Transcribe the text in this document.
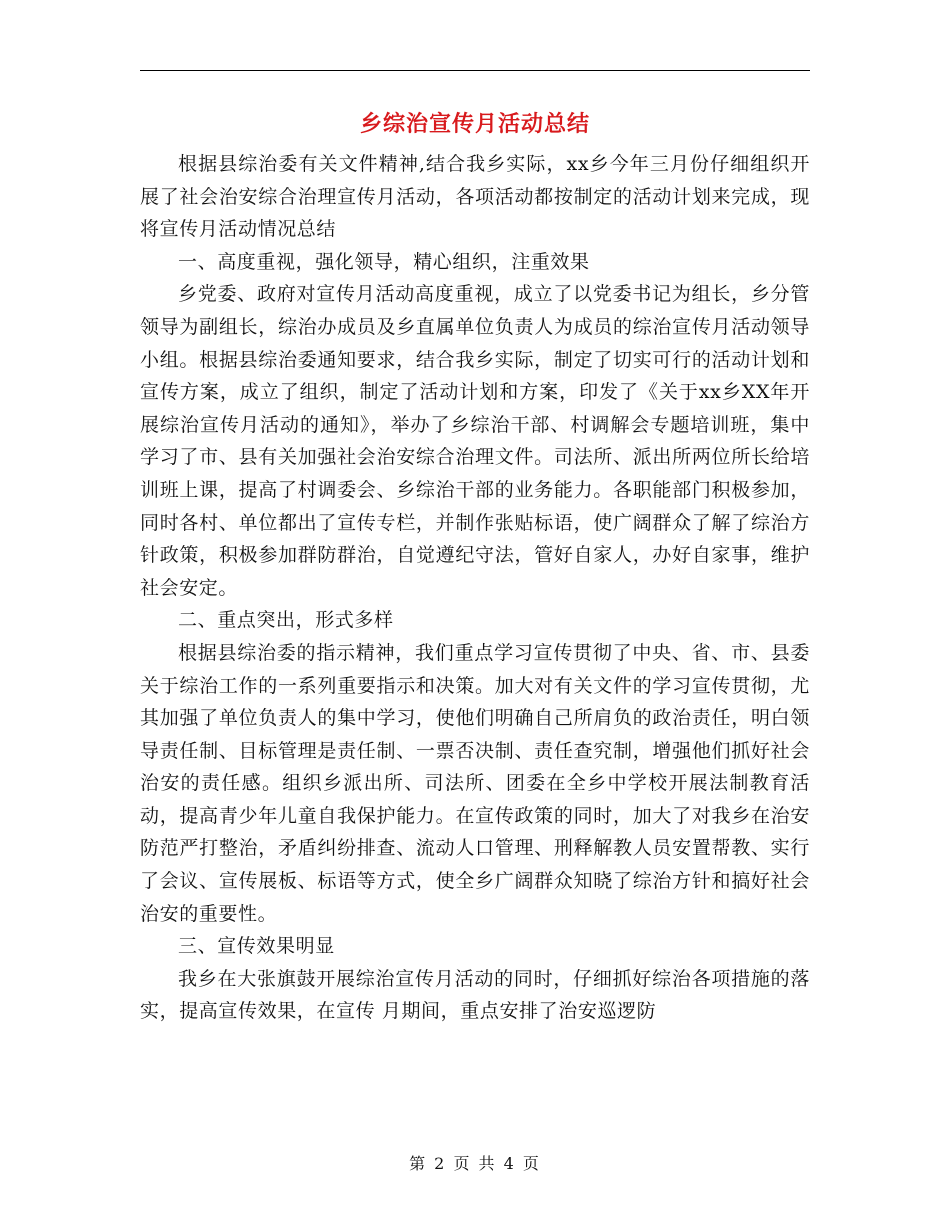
乡综治宣传月活动总结

根据县综治委有关文件精神,结合我乡实际，xx乡今年三月份仔细组织开展了社会治安综合治理宣传月活动，各项活动都按制定的活动计划来完成，现将宣传月活动情况总结

一、高度重视，强化领导，精心组织，注重效果

乡党委、政府对宣传月活动高度重视，成立了以党委书记为组长，乡分管领导为副组长，综治办成员及乡直属单位负责人为成员的综治宣传月活动领导小组。根据县综治委通知要求，结合我乡实际，制定了切实可行的活动计划和宣传方案，成立了组织，制定了活动计划和方案，印发了《关于xx乡XX年开展综治宣传月活动的通知》，举办了乡综治干部、村调解会专题培训班，集中学习了市、县有关加强社会治安综合治理文件。司法所、派出所两位所长给培训班上课，提高了村调委会、乡综治干部的业务能力。各职能部门积极参加，同时各村、单位都出了宣传专栏，并制作张贴标语，使广阔群众了解了综治方针政策，积极参加群防群治，自觉遵纪守法，管好自家人，办好自家事，维护社会安定。

二、重点突出，形式多样

根据县综治委的指示精神，我们重点学习宣传贯彻了中央、省、市、县委关于综治工作的一系列重要指示和决策。加大对有关文件的学习宣传贯彻，尤其加强了单位负责人的集中学习，使他们明确自己所肩负的政治责任，明白领导责任制、目标管理是责任制、一票否决制、责任查究制，增强他们抓好社会治安的责任感。组织乡派出所、司法所、团委在全乡中学校开展法制教育活动，提高青少年儿童自我保护能力。在宣传政策的同时，加大了对我乡在治安防范严打整治，矛盾纠纷排查、流动人口管理、刑释解教人员安置帮教、实行了会议、宣传展板、标语等方式，使全乡广阔群众知晓了综治方针和搞好社会治安的重要性。

三、宣传效果明显

我乡在大张旗鼓开展综治宣传月活动的同时，仔细抓好综治各项措施的落实，提高宣传效果，在宣传 月期间，重点安排了治安巡逻防

第 2 页 共 4 页
